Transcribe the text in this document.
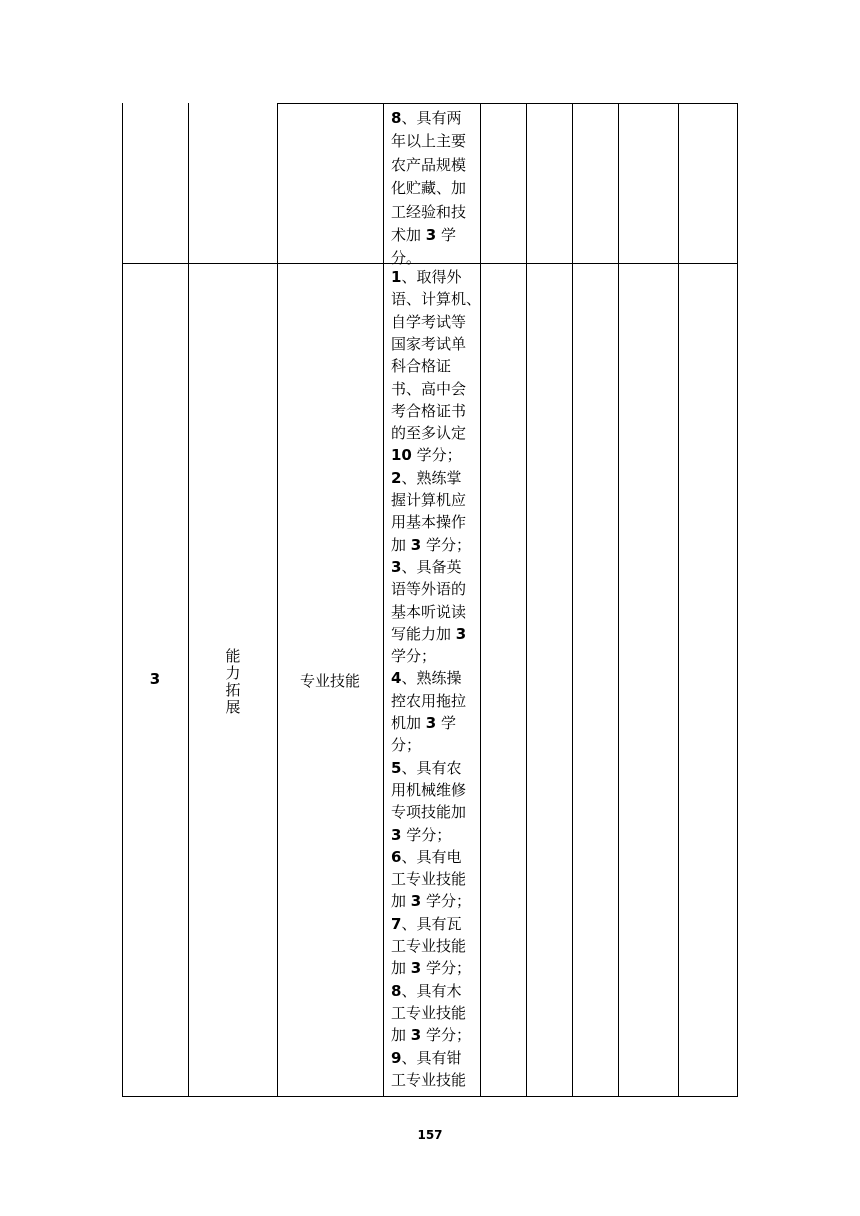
8、具有两
年以上主要
农产品规模
化贮藏、加
工经验和技
术加 3 学
分。
3
能
力
拓
展
专业技能
1、取得外
语、计算机、
自学考试等
国家考试单
科合格证
书、高中会
考合格证书
的至多认定
10 学分；
2、熟练掌
握计算机应
用基本操作
加 3 学分；
3、具备英
语等外语的
基本听说读
写能力加 3
学分；
4、熟练操
控农用拖拉
机加 3 学
分；
5、具有农
用机械维修
专项技能加
3 学分；
6、具有电
工专业技能
加 3 学分；
7、具有瓦
工专业技能
加 3 学分；
8、具有木
工专业技能
加 3 学分；
9、具有钳
工专业技能
157
